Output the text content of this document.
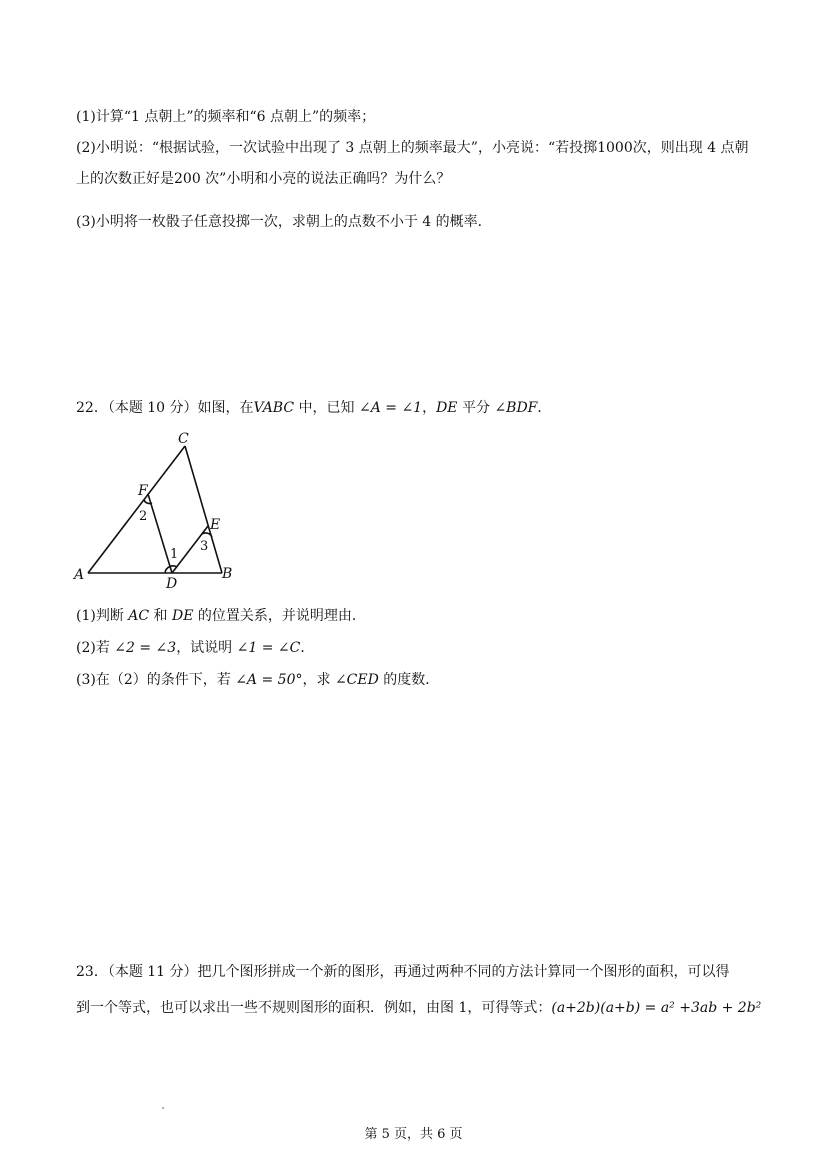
(1)计算“1 点朝上”的频率和“6 点朝上”的频率；
(2)小明说：“根据试验，一次试验中出现了 3 点朝上的频率最大”，小亮说：“若投掷1000次，则出现 4 点朝上的次数正好是200 次”小明和小亮的说法正确吗？为什么？
(3)小明将一枚骰子任意投掷一次，求朝上的点数不小于 4 的概率．
22．（本题 10 分）如图，在VABC 中，已知 ∠A = ∠1，DE 平分 ∠BDF．
C
F
E
A
D
B
1
2
3
(1)判断 AC 和 DE 的位置关系，并说明理由．
(2)若 ∠2 = ∠3，试说明 ∠1 = ∠C．
(3)在（2）的条件下，若 ∠A = 50°，求 ∠CED 的度数．
23．（本题 11 分）把几个图形拼成一个新的图形，再通过两种不同的方法计算同一个图形的面积，可以得
到一个等式，也可以求出一些不规则图形的面积．例如，由图 1，可得等式：(a+2b)(a+b) = a² +3ab + 2b²
第 5 页，共 6 页
